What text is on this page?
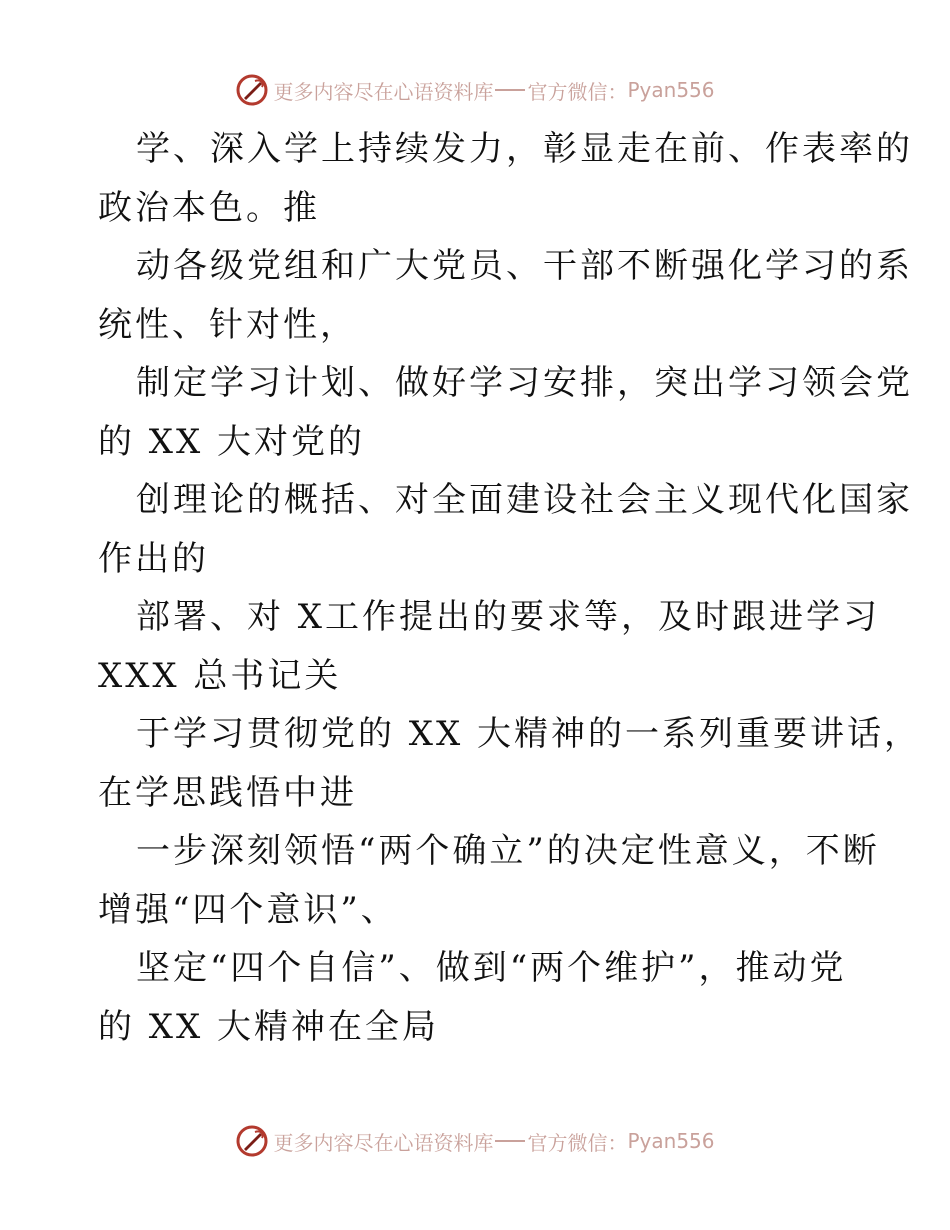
更多内容尽在心语资料库 官方微信： Pyan556
学、深入学上持续发力，彰显走在前、作表率的
政治本色。推
动各级党组和广大党员、干部不断强化学习的系
统性、针对性，
制定学习计划、做好学习安排，突出学习领会党
的 XX 大对党的
创理论的概括、对全面建设社会主义现代化国家
作出的
部署、对 X工作提出的要求等，及时跟进学习
XXX 总书记关
于学习贯彻党的 XX 大精神的一系列重要讲话，
在学思践悟中进
一步深刻领悟“两个确立”的决定性意义，不断
增强“四个意识”、
坚定“四个自信”、做到“两个维护”，推动党
的 XX 大精神在全局
更多内容尽在心语资料库 官方微信： Pyan556
